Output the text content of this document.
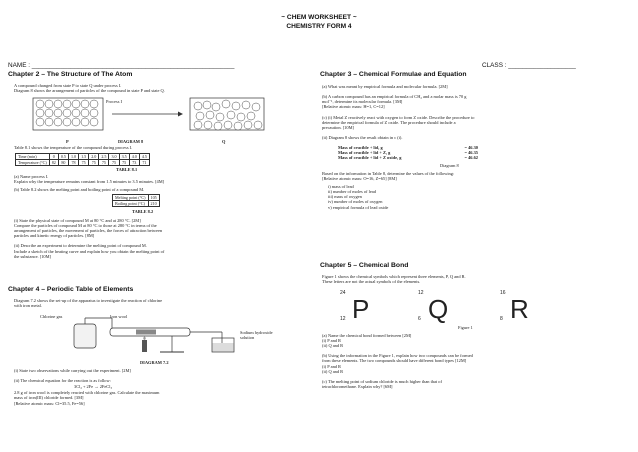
~ CHEM WORKSHEET ~
CHEMISTRY FORM 4
NAME : _________________________________________________________	CLASS : ___________________
Chapter 2 – The Structure of The Atom
A compound changed from state P to state Q under process I.
Diagram 8 shows the arrangement of particles of the compound in state P and state Q.
Process I
P	DIAGRAM 8	Q
Table 8.1 shows the temperature of the compound during process I.
Time (min)	0	0.5	1.0	1.5	2.0	2.5	3.0	3.5	4.0	4.5
Temperature (°C)	82	80	78	75	75	75	75	75	73	71
TABLE 8.1
(a) Name process I.
Explain why the temperature remains constant from 1.5 minutes to 3.5 minutes. [4M]
(b) Table 8.2 shows the melting point and boiling point of a compound M.
Melting point (°C)	105
Boiling point (°C)	210
TABLE 8.2
(i) State the physical state of compound M at 80 °C and at 280 °C. [2M]
Compare the particles of compound M at 80 °C to those at 280 °C in terms of the
arrangement of particles, the movement of particles, the forces of attraction between
particles and kinetic energy of particles. [8M]

(ii) Describe an experiment to determine the melting point of compound M.
Include a sketch of the heating curve and explain how you obtain the melting point of
the substance. [10M]
Chapter 4 – Periodic Table of Elements
Diagram 7.2 shows the set-up of the apparatus to investigate the reaction of chlorine
with iron metal.
Chlorine gas	Iron wool
Sodium hydroxide solution
DIAGRAM 7.2
(i) State two observations while carrying out the experiment. [2M]

(ii) The chemical equation for the reaction is as follow:
3Cl₂ + 2Fe → 2FeCl₃
2.8 g of iron wool is completely reacted with chlorine gas. Calculate the maximum
mass of iron(III) chloride formed. [3M]
[Relative atomic mass: Cl=35.5, Fe=56]
Chapter 3 – Chemical Formulae and Equation
(a) What was meant by empirical formula and molecular formula. [2M]

(b) A carbon compound has an empirical formula of CH₂ and a molar mass is 70 g
mol⁻¹, determine its molecular formula. [3M]
[Relative atomic mass: H=1, C=12]

(c) (i) Metal Z reactively react with oxygen to form Z oxide. Describe the procedure to
determine the empirical formula of Z oxide. The procedure should include a
precaution. [10M]

(ii) Diagram 8 shows the result obtain in c (i).
Mass of crucible + lid, g	= 46.30
Mass of crucible + lid + Z, g	= 46.35
Mass of crucible + lid + Z oxide, g	= 46.62
Diagram 8
Based on the information in Table 8, determine the values of the following:
[Relative atomic mass: O=16, Z=65] [8M]
i) mass of lead
ii) number of moles of lead
iii) mass of oxygen
iv) number of moles of oxygen
v) empirical formula of lead oxide
Chapter 5 – Chemical Bond
Figure 1 shows the chemical symbols which represent three elements, P, Q and R.
These letters are not the actual symbols of the elements.
24
12 P
12
6 Q
16
8 R
Figure 1
(a) Name the chemical bond formed between [2M]
(i) P and R
(ii) Q and R

(b) Using the information in the Figure 1, explain how two compounds can be formed
from these elements. The two compounds should have different bond types [12M]
(i) P and R
(ii) Q and R

(c) The melting point of sodium chloride is much higher than that of
tetrachloromethane. Explain why? [6M]
